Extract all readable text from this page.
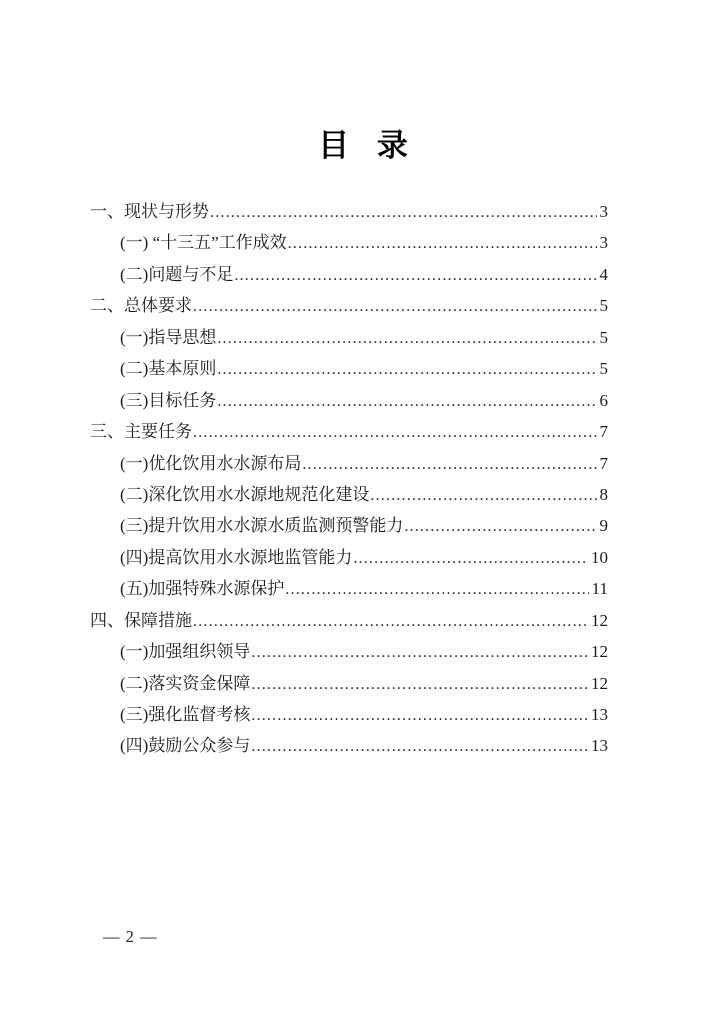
目 录
一、现状与形势 .....	3
(一) “十三五”工作成效 .....	3
(二)问题与不足 .....	4
二、总体要求 .....	5
(一)指导思想 .....	5
(二)基本原则 .....	5
(三)目标任务 .....	6
三、主要任务 .....	7
(一)优化饮用水水源布局 .....	7
(二)深化饮用水水源地规范化建设 .....	8
(三)提升饮用水水源水质监测预警能力 .....	9
(四)提高饮用水水源地监管能力 .....	10
(五)加强特殊水源保护 .....	11
四、保障措施 .....	12
(一)加强组织领导 .....	12
(二)落实资金保障 .....	12
(三)强化监督考核 .....	13
(四)鼓励公众参与 .....	13
— 2 —
